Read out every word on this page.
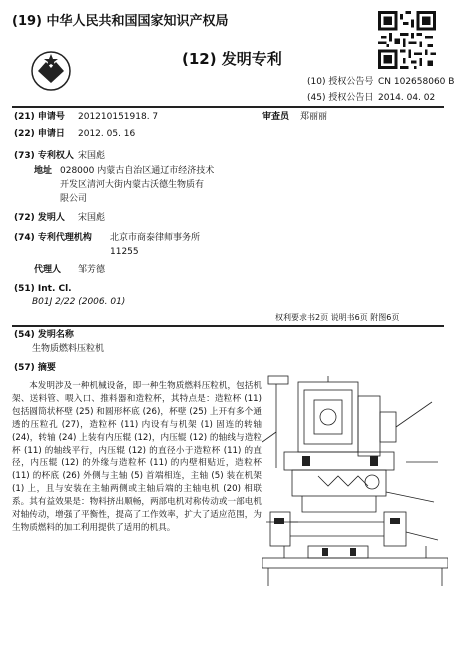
(19) 中华人民共和国国家知识产权局
(12) 发明专利
(10) 授权公告号 CN 102658060 B
(45) 授权公告日 2014. 04. 02
(21) 申请号 201210151918. 7	审查员 郑丽丽
(22) 申请日 2012. 05. 16
(73) 专利权人 宋国彪
地址 028000 内蒙古自治区通辽市经济技术
开发区清河大街内蒙古沃德生物质有
限公司
(72) 发明人 宋国彪
(74) 专利代理机构 北京市商泰律师事务所
11255
代理人 邹芳德
(51) Int. Cl.
B01J 2/22 (2006. 01)
权利要求书2页 说明书6页 附图6页
(54) 发明名称
生物质燃料压粒机
(57) 摘要
本发明涉及一种机械设备，即一种生物质燃料压粒机，包括机架、送料管、喂入口、推料器和造粒杯，其特点是：造粒杯 (11) 包括圆筒状杯壁 (25) 和圆形杯底 (26)，杯壁 (25) 上开有多个通透的压粒孔 (27)，造粒杯 (11) 内设有与机架 (1) 固连的转轴 (24)，转轴 (24) 上装有内压辊 (12)，内压辊 (12) 的轴线与造粒杯 (11) 的轴线平行，内压辊 (12) 的直径小于造粒杯 (11) 的直径，内压辊 (12) 的外缘与造粒杯 (11) 的内壁相贴近，造粒杯 (11) 的杯底 (26) 外侧与主轴 (5) 首端相连，主轴 (5) 装在机架 (1) 上，且与安装在主轴两侧或主轴后端的主轴电机 (20) 相联系。其有益效果是：物料挤出顺畅，两部电机对称传动或一部电机对轴传动，增强了平衡性，提高了工作效率，扩大了适应范围，为生物质燃料的加工利用提供了适用的机具。
